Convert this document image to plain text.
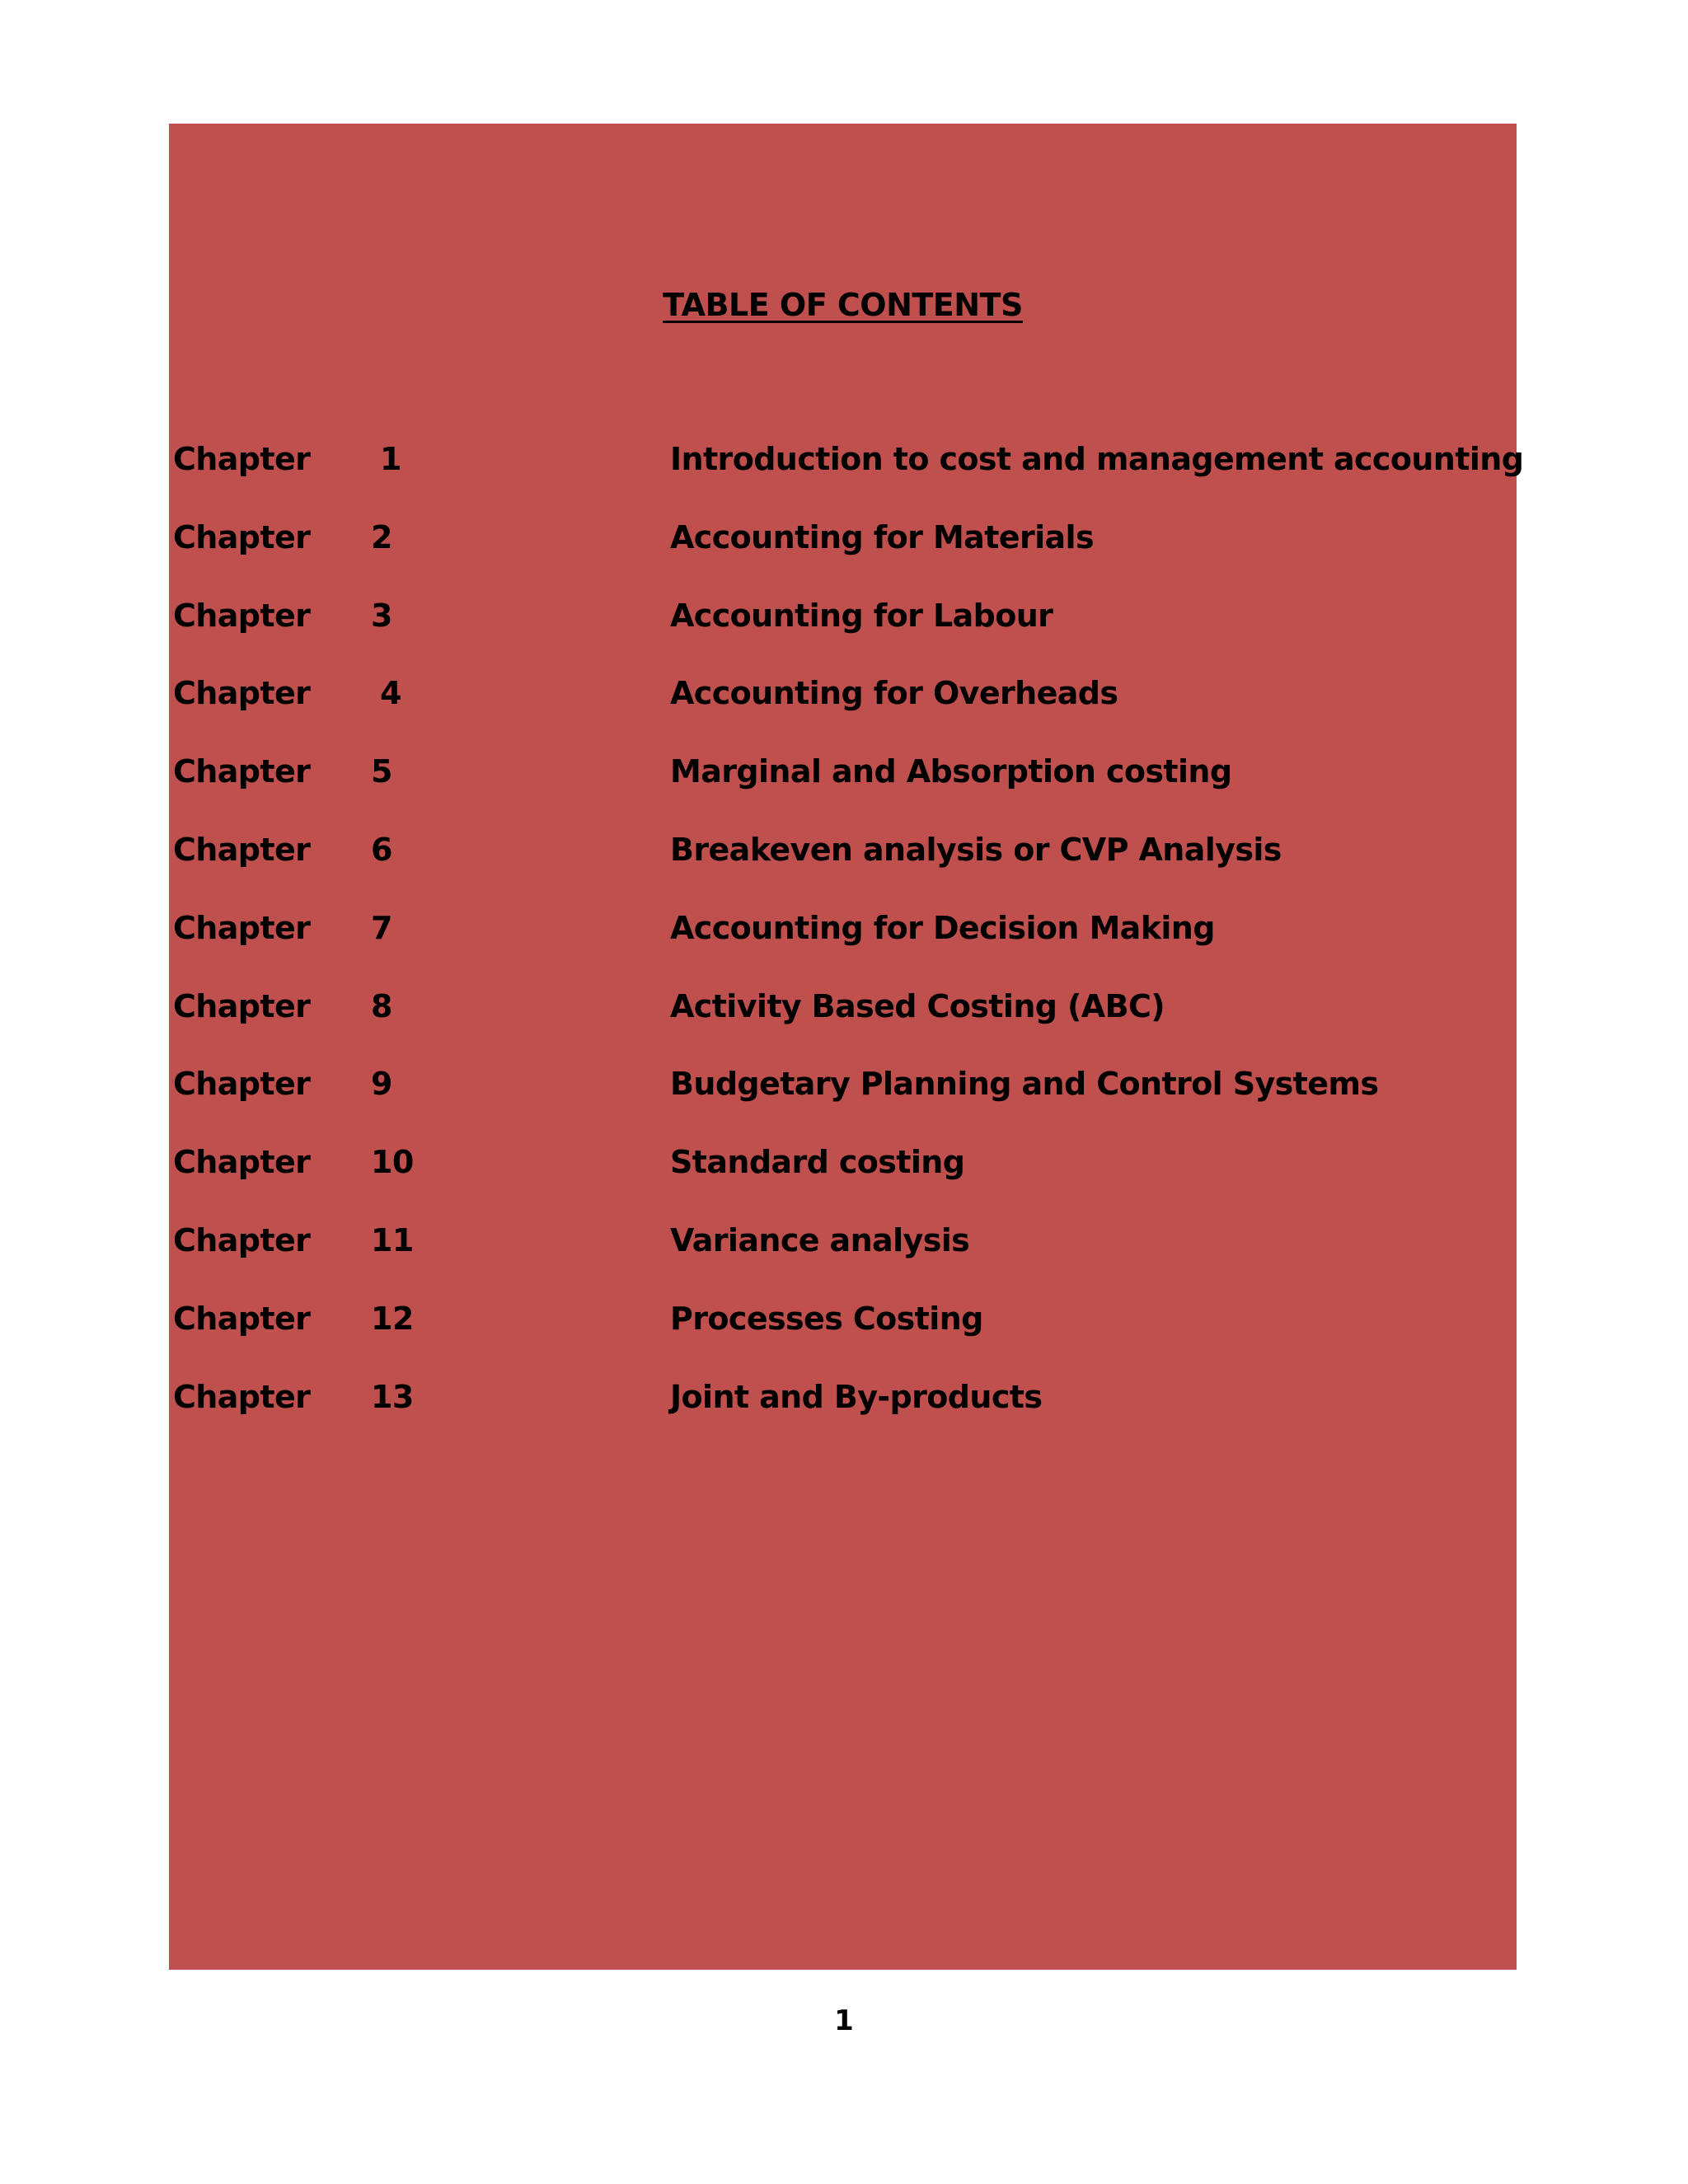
TABLE OF CONTENTS
Chapter 1	Introduction to cost and management accounting
Chapter 2	Accounting for Materials
Chapter 3	Accounting for Labour
Chapter 4	Accounting for Overheads
Chapter 5	Marginal and Absorption costing
Chapter 6	Breakeven analysis or CVP Analysis
Chapter 7	Accounting for Decision Making
Chapter 8	Activity Based Costing (ABC)
Chapter 9	Budgetary Planning and Control Systems
Chapter 10	Standard costing
Chapter 11	Variance analysis
Chapter 12	Processes Costing
Chapter 13	Joint and By-products
1
